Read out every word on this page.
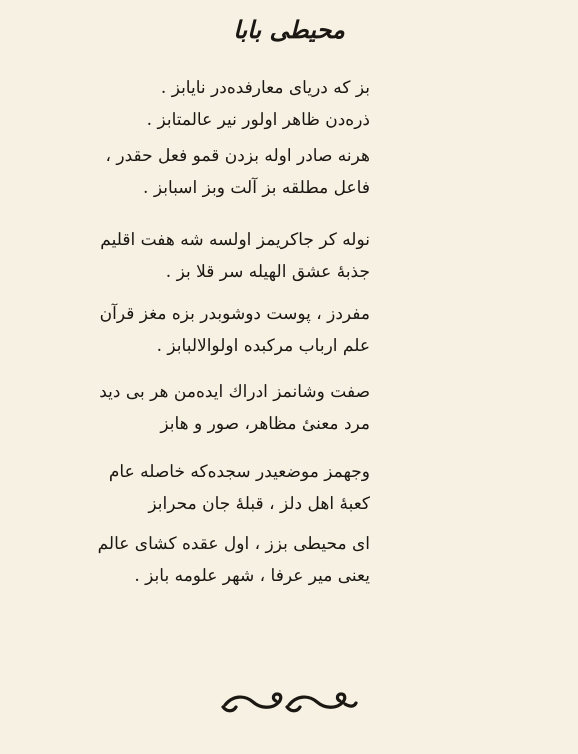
محیطی بابا
بز که دریای معارفده‌در نایابز .
ذره‌دن ظاهر اولور نیر عالمتابز .
هرنه صادر اوله بزدن قمو فعل حقدر ،
فاعل مطلقه بز آلت وبز اسبابز .
نوله کر جاکریمز اولسه شه هفت اقلیم
جذبهٔ عشق الهیله سر قلا بز .
مفردز ، پوست دوشوبدر بزه مغز قرآن
علم ارباب مرکبده اولوالالبابز .
صفت وشانمز ادراك ایده‌من هر بی دید
مرد معنیٔ مظاهر، صور و هابز
وجهمز موضعیدر سجده‌که خاصله عام
کعبهٔ اهل دلز ، قبلهٔ جان محرابز
ای محیطی بزز ، اول عقده کشای عالم
یعنی میر عرفا ، شهر علومه بابز .
